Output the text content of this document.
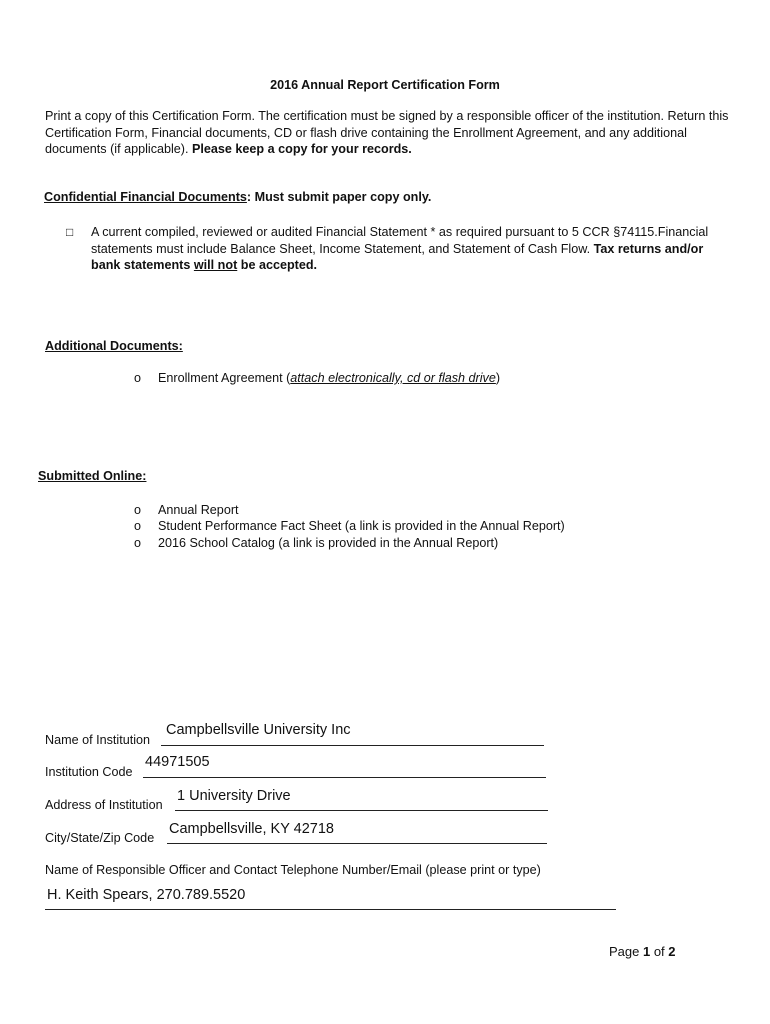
2016 Annual Report Certification Form
Print a copy of this Certification Form. The certification must be signed by a responsible officer of the institution. Return this Certification Form, Financial documents, CD or flash drive containing the Enrollment Agreement, and any additional documents (if applicable). Please keep a copy for your records.
Confidential Financial Documents: Must submit paper copy only.
□ A current compiled, reviewed or audited Financial Statement * as required pursuant to 5 CCR §74115.Financial statements must include Balance Sheet, Income Statement, and Statement of Cash Flow. Tax returns and/or bank statements will not be accepted.
Additional Documents:
o Enrollment Agreement (attach electronically, cd or flash drive)
Submitted Online:
o Annual Report
o Student Performance Fact Sheet (a link is provided in the Annual Report)
o 2016 School Catalog (a link is provided in the Annual Report)
Name of Institution
Campbellsville University Inc
Institution Code
44971505
Address of Institution
1 University Drive
City/State/Zip Code
Campbellsville, KY 42718
Name of Responsible Officer and Contact Telephone Number/Email (please print or type)
H. Keith Spears, 270.789.5520
Page 1 of 2
